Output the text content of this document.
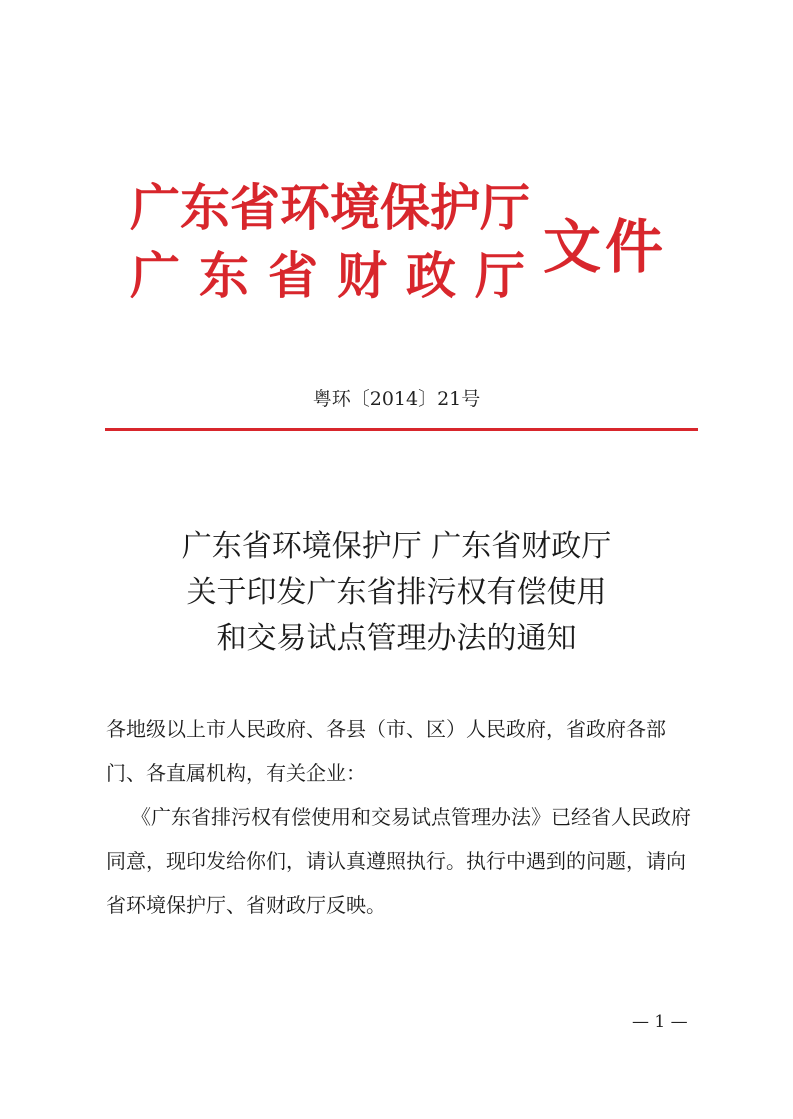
广东省环境保护厅
广东省财政厅 文件
粤环〔2014〕21号
广东省环境保护厅 广东省财政厅
关于印发广东省排污权有偿使用
和交易试点管理办法的通知

各地级以上市人民政府、各县（市、区）人民政府，省政府各部门、各直属机构，有关企业：

《广东省排污权有偿使用和交易试点管理办法》已经省人民政府同意，现印发给你们，请认真遵照执行。执行中遇到的问题，请向省环境保护厅、省财政厅反映。

— 1 —
